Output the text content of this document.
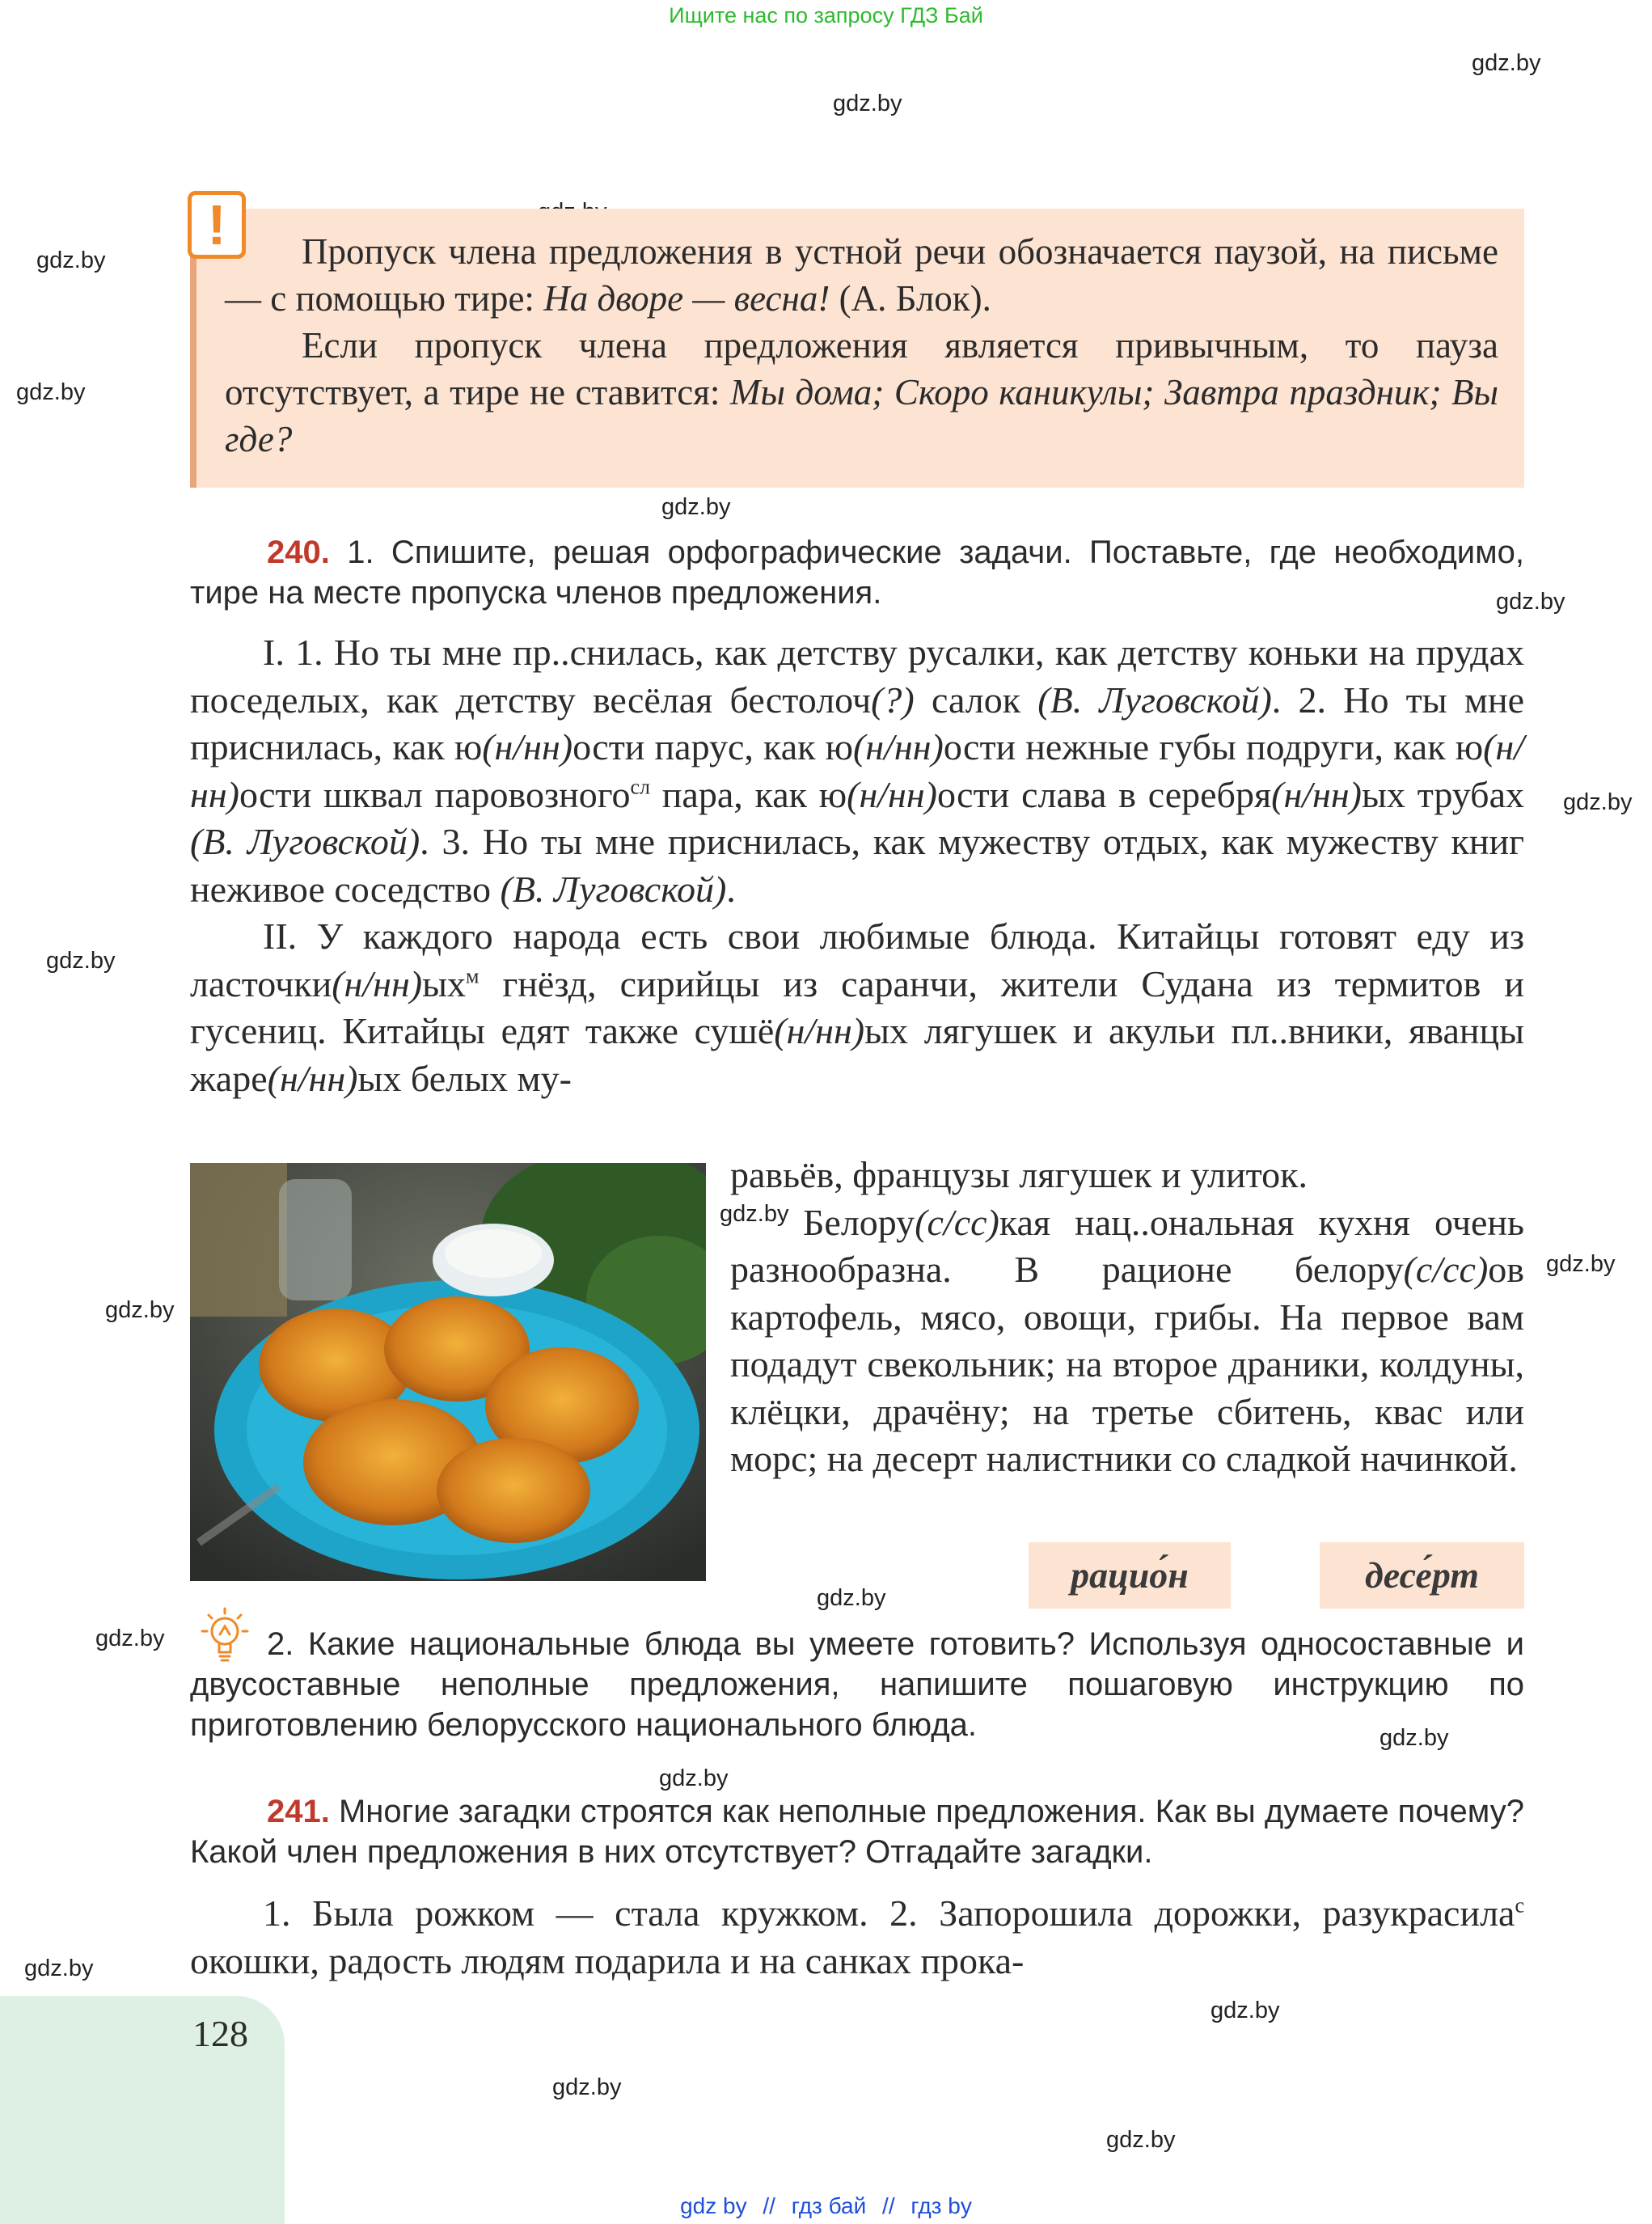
Ищите нас по запросу ГДЗ Бай
gdz.by
gdz.by
gdz.by
gdz.by
gdz.by
gdz.by
gdz.by
gdz.by
gdz.by
gdz.by
gdz.by
gdz.by
gdz.by
gdz.by
gdz.by
gdz.by
gdz.by
gdz.by
gdz.by
!	Пропуск члена предложения в устной речи обозначается паузой, на письме — с помощью тире: На дворе — весна! (А. Блок).

Если пропуск члена предложения является привычным, то пауза отсутствует, а тире не ставится: Мы дома; Скоро каникулы; Завтра праздник; Вы где?

240. 1. Спишите, решая орфографические задачи. Поставьте, где необходимо, тире на месте пропуска членов предложения.

I. 1. Но ты мне пр..снилась, как детству русалки, как детству коньки на прудах поседелых, как детству весёлая бестолоч(?) салок (В. Луговской). 2. Но ты мне приснилась, как ю(н/нн)ости парус, как ю(н/нн)ости нежные губы подруги, как ю(н/нн)ости шквал паровозного$^{сл}$ пара, как ю(н/нн)ости слава в серебря(н/нн)ых трубах (В. Луговской). 3. Но ты мне приснилась, как мужеству отдых, как мужеству книг неживое соседство (В. Луговской).

II. У каждого народа есть свои любимые блюда. Китайцы готовят еду из $ласточки(н/нн)ых^м$ гнёзд, сирийцы из саранчи, жители Судана из термитов и гусениц. Китайцы едят также сушё(н/нн)ых лягушек и акульи пл..вники, яванцы жаре(н/нн)ых белых му-

равьёв, французы лягушек и улиток.

Белору(с/сс)кая нац..ональная кухня очень разнообразна. В рационе белору(с/сс)ов картофель, мясо, овощи, грибы. На первое вам подадут свекольник; на второе драники, колдуны, клёцки, драчёну; на третье сбитень, квас или морс; на десерт налистники со сладкой начинкой.

рацио́н	десе́рт
2. Какие национальные блюда вы умеете готовить? Используя односоставные и двусоставные неполные предложения, напишите пошаговую инструкцию по приготовлению белорусского национального блюда.
241. Многие загадки строятся как неполные предложения. Как вы думаете почему? Какой член предложения в них отсутствует? Отгадайте загадки.

1. Была рожком — стала кружком. 2. Запорошила дорожки, разукрасила$^с$ окошки, радость людям подарила и на санках прока-

128
gdz by // гдз бай // гдз by
